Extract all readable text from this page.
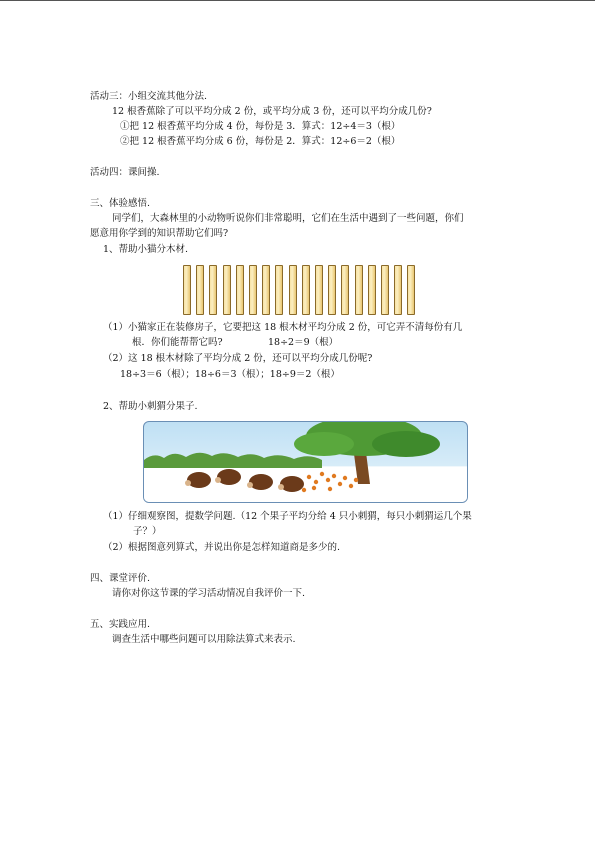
活动三：小组交流其他分法.
12 根香蕉除了可以平均分成 2 份，或平均分成 3 份，还可以平均分成几份?
①把 12 根香蕉平均分成 4 份，每份是 3．算式：12÷4＝3（根）
②把 12 根香蕉平均分成 6 份，每份是 2．算式：12÷6＝2（根）
活动四：课间操.
三、体验感悟.
同学们，大森林里的小动物听说你们非常聪明，它们在生活中遇到了一些问题，你们
愿意用你学到的知识帮助它们吗?
1、帮助小猫分木材.
（1）小猫家正在装修房子，它要把这 18 根木材平均分成 2 份，可它弄不清每份有几
根．你们能帮帮它吗?	18÷2＝9（根）
（2）这 18 根木材除了平均分成 2 份，还可以平均分成几份呢?
18÷3＝6（根）；18÷6＝3（根）；18÷9＝2（根）
2、帮助小刺猬分果子.
（1）仔细观察图，提数学问题.（12 个果子平均分给 4 只小刺猬，每只小刺猬运几个果
子？）
（2）根据图意列算式，并说出你是怎样知道商是多少的.
四、课堂评价.
请你对你这节课的学习活动情况自我评价一下.
五、实践应用.
调查生活中哪些问题可以用除法算式来表示.
